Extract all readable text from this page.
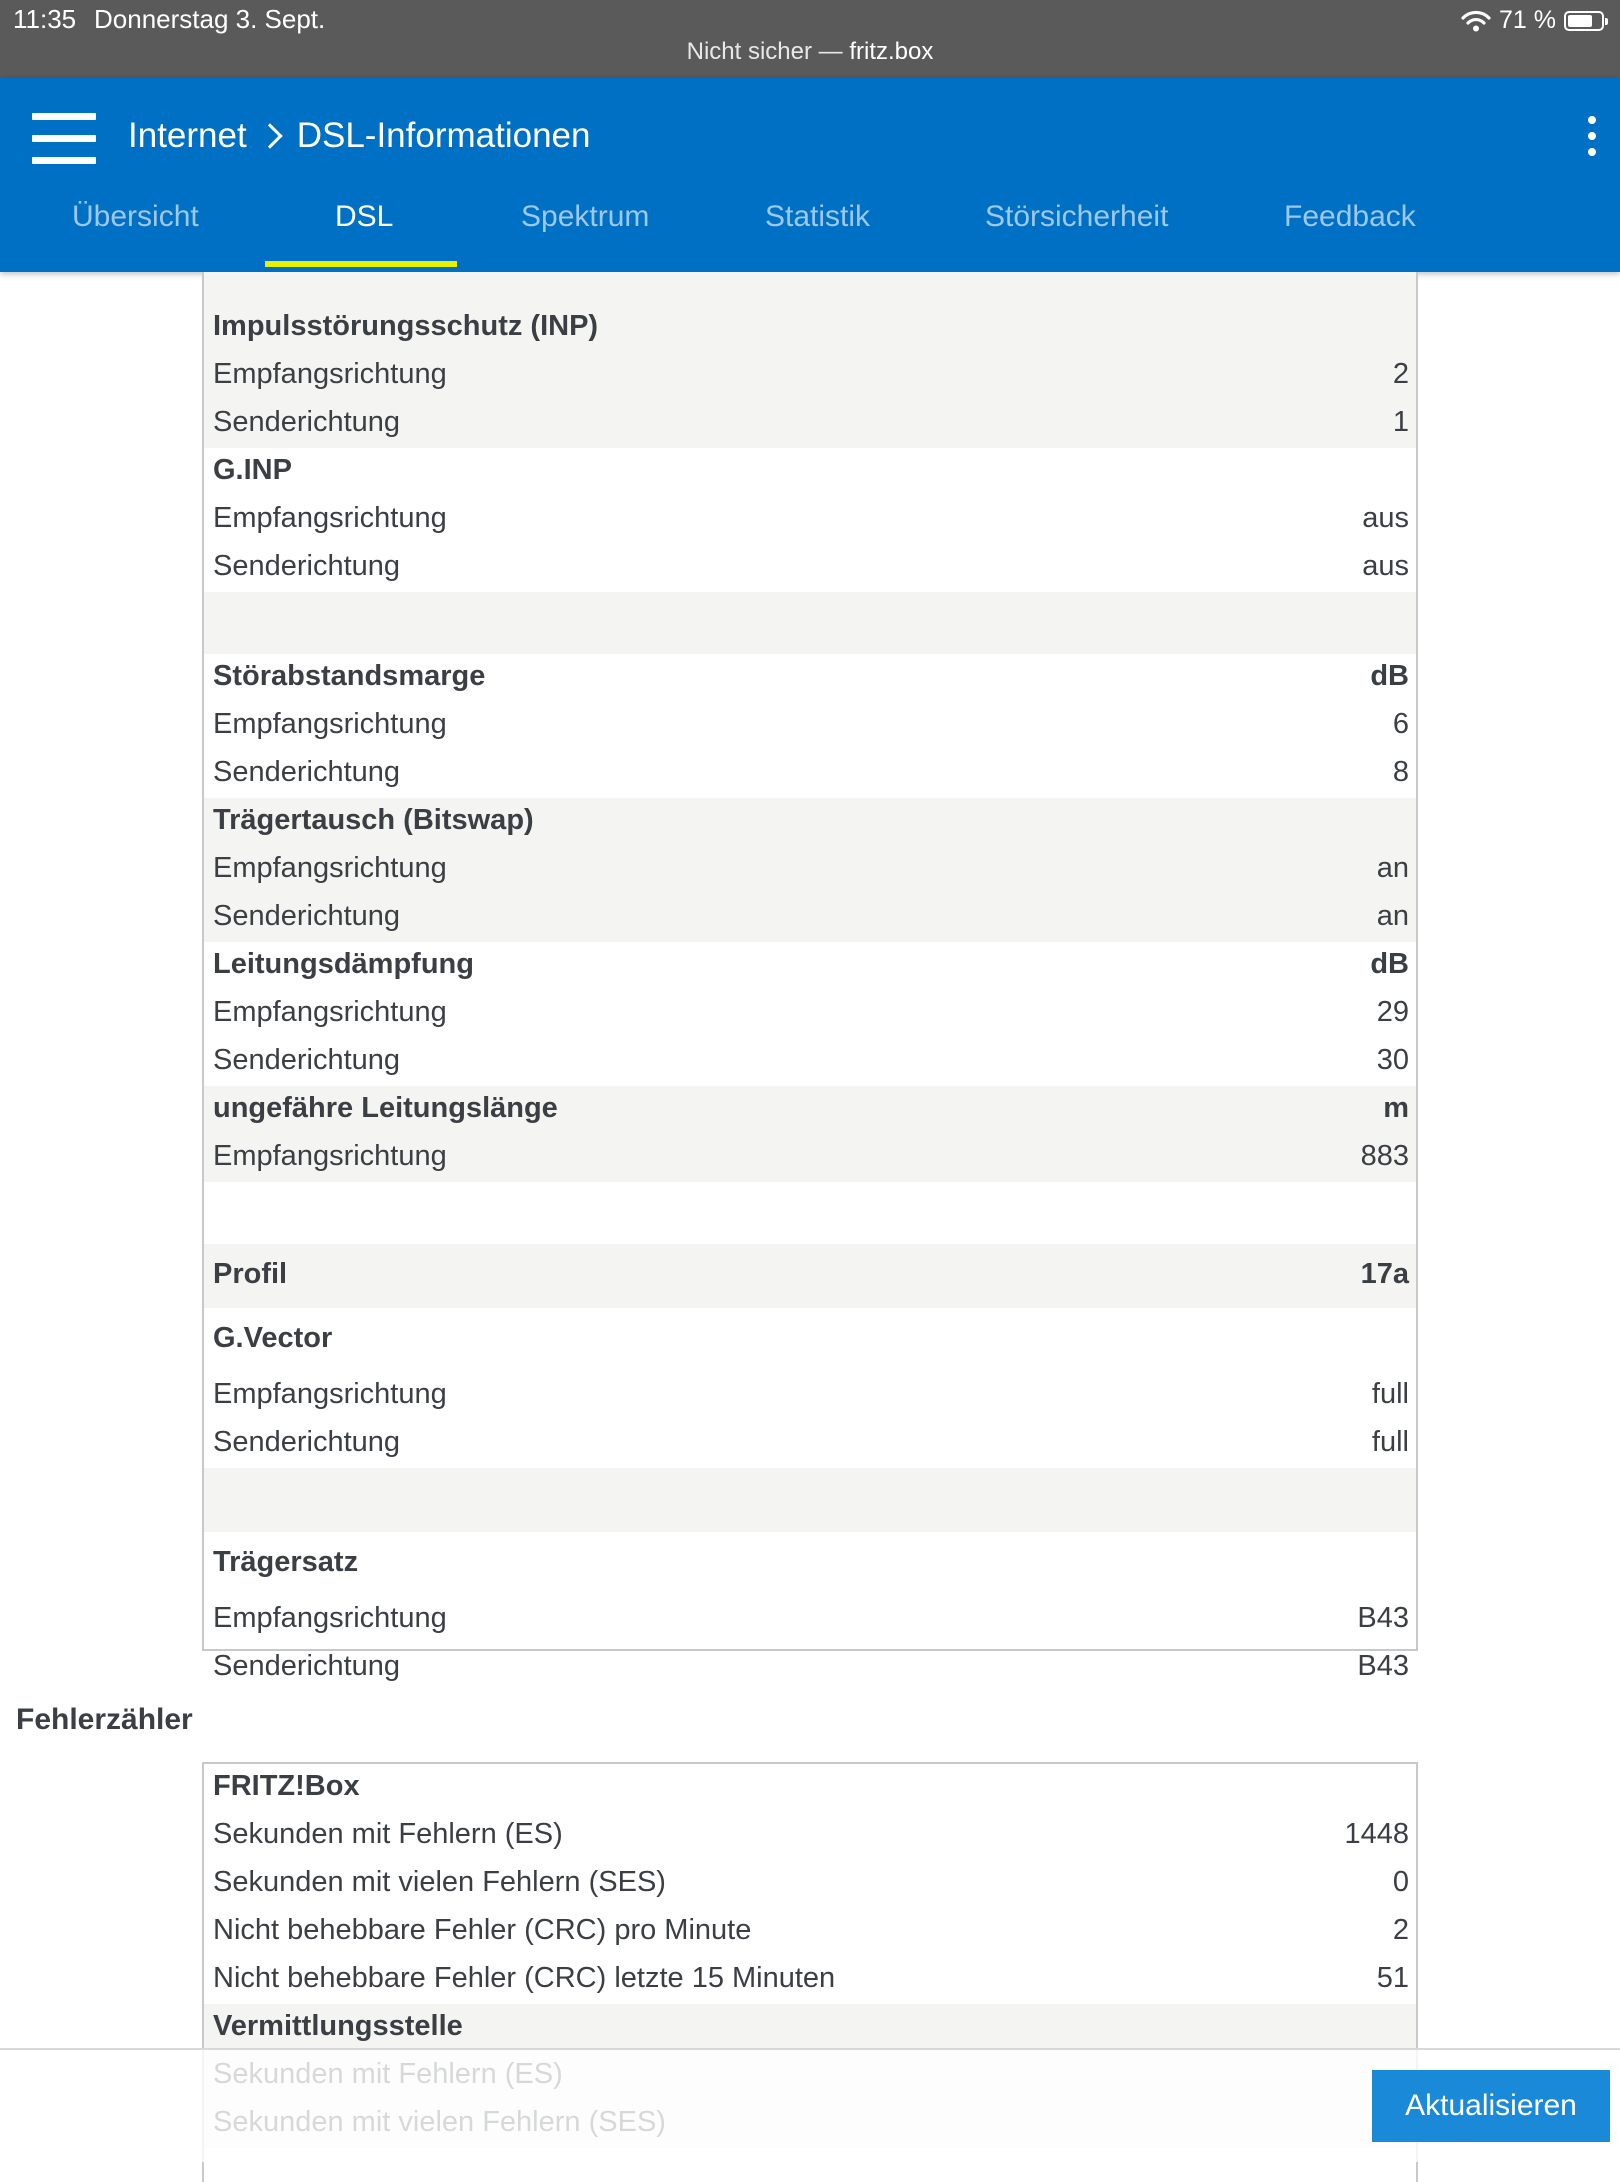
11:35 Donnerstag 3. Sept.	71 %
Nicht sicher — fritz.box
Internet DSL-Informationen
Übersicht	DSL	Spektrum	Statistik	Störsicherheit	Feedback
Impulsstörungsschutz (INP)
Empfangsrichtung	2
Senderichtung	1
G.INP
Empfangsrichtung	aus
Senderichtung	aus
Störabstandsmarge	dB
Empfangsrichtung	6
Senderichtung	8
Trägertausch (Bitswap)
Empfangsrichtung	an
Senderichtung	an
Leitungsdämpfung	dB
Empfangsrichtung	29
Senderichtung	30
ungefähre Leitungslänge	m
Empfangsrichtung	883
Profil	17a
G.Vector
Empfangsrichtung	full
Senderichtung	full
Trägersatz
Empfangsrichtung	B43
Senderichtung	B43
Fehlerzähler
FRITZ!Box
Sekunden mit Fehlern (ES)	1448
Sekunden mit vielen Fehlern (SES)	0
Nicht behebbare Fehler (CRC) pro Minute	2
Nicht behebbare Fehler (CRC) letzte 15 Minuten	51
Vermittlungsstelle
Aktualisieren
